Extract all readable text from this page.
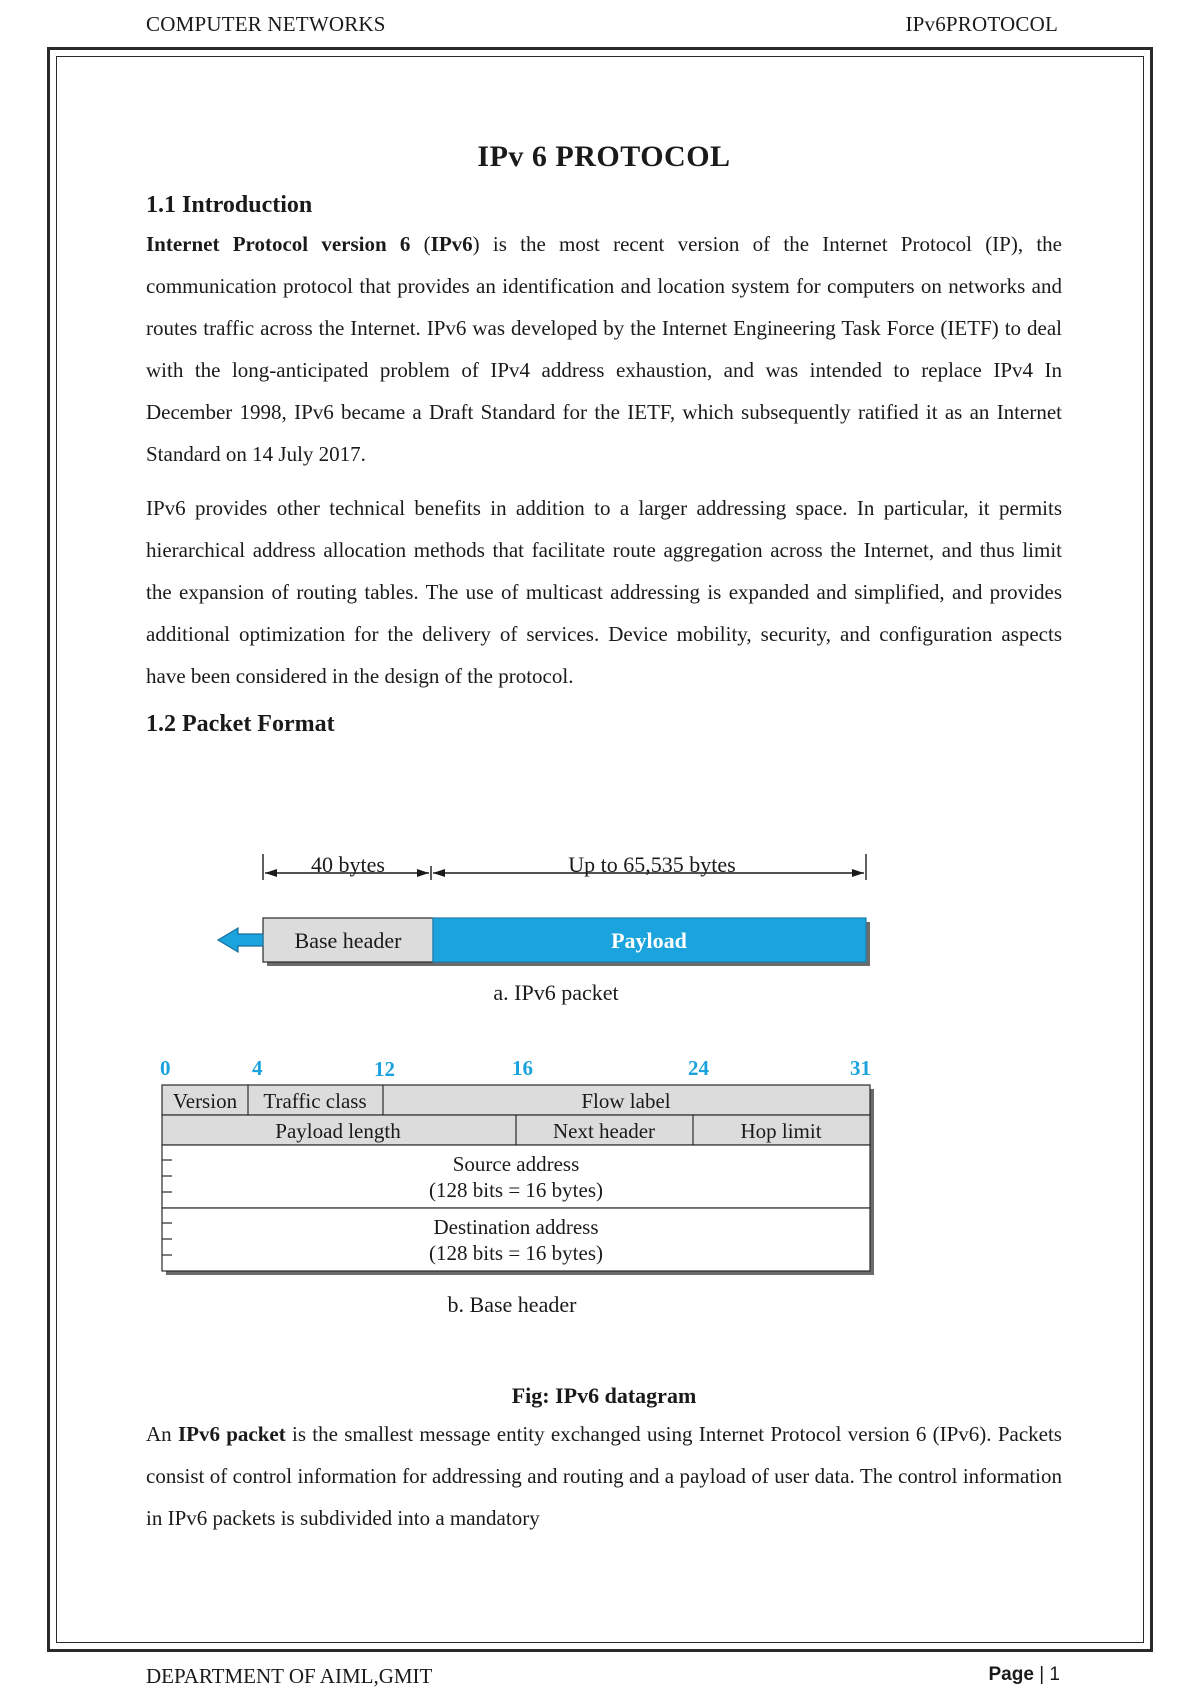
COMPUTER NETWORKS	IPv6PROTOCOL
IPv 6 PROTOCOL
1.1 Introduction

Internet Protocol version 6 (IPv6) is the most recent version of the Internet Protocol (IP), the communication protocol that provides an identification and location system for computers on networks and routes traffic across the Internet. IPv6 was developed by the Internet Engineering Task Force (IETF) to deal with the long-anticipated problem of IPv4 address exhaustion, and was intended to replace IPv4 In December 1998, IPv6 became a Draft Standard for the IETF, which subsequently ratified it as an Internet Standard on 14 July 2017.

IPv6 provides other technical benefits in addition to a larger addressing space. In particular, it permits hierarchical address allocation methods that facilitate route aggregation across the Internet, and thus limit the expansion of routing tables. The use of multicast addressing is expanded and simplified, and provides additional optimization for the delivery of services. Device mobility, security, and configuration aspects have been considered in the design of the protocol.

1.2 Packet Format
40 bytes	Up to 65,535 bytes
Base header	Payload
a. IPv6 packet
0	4	12	16	24	31
Version Traffic class	Flow label
Payload length	Next header	Hop limit
Source address
(128 bits = 16 bytes)
Destination address
(128 bits = 16 bytes)
b. Base header
Fig: IPv6 datagram

An IPv6 packet is the smallest message entity exchanged using Internet Protocol version 6 (IPv6). Packets consist of control information for addressing and routing and a payload of user data. The control information in IPv6 packets is subdivided into a mandatory

DEPARTMENT OF AIML,GMIT	Page | 1
